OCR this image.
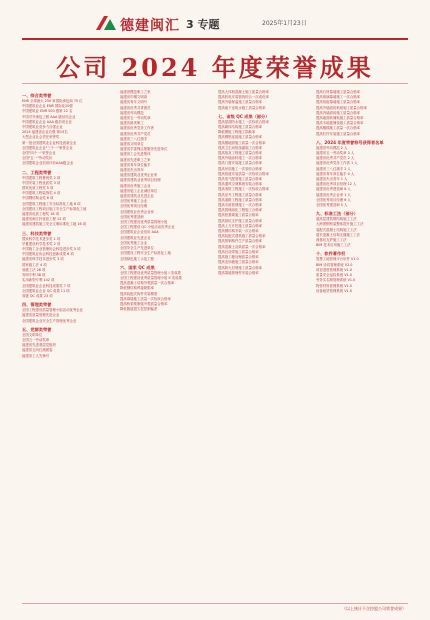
德建闽汇 3 专题	2025年1月23日
公司 2024 年度荣誉成果
一、综合类荣誉
ENR 全球最大 250 家国际承包商 70 位
中国建筑业企业 ENR 国际化20强
中国建筑业 ENR 500 强第 22 名
中国对外承包工程 AAA 级信用企业
中国建筑业企业 AAA 级信用企业
中国建筑业竞争力百强企业
2024 福建省企业百强 第15名
大型企业社会责任荣誉奖
第一批全国建筑业企业科技创新企业
全国建筑业企业"三个一"荣誉企业
全国"四个一"荣誉企业
全国"五一"劳动奖状
全国建筑企业信用评价AAA级企业
二、工程类荣誉
中国建筑工程鲁班奖 2 项
中国安装工程优质奖 3 项
国家优质工程奖 5 项
中国建筑工程装饰奖 4 项
中国钢结构金奖 6 项
全国建筑工程施工安全标准化工地 8 项
全国建设工程项目施工安全生产标准化工地
福建省优质工程奖 18 项
福建省闽江杯优质工程 12 项
福建省建筑施工安全文明标准化工地 16 项
三、科技类荣誉
国家科学技术进步奖 1 项
华夏建设科学技术奖 2 项
中国施工企业管理协会科技进步奖 5 项
中国建筑业协会科技创新成果 6 项
福建省科学技术进步奖 3 项
国家级工法 4 项
省级工法 26 项
发明专利 38 项
实用新型专利 142 项
全国建筑业企业科技成果奖 7 项
全国建筑业企业 QC 成果 11 项
省级 QC 成果 23 项
四、管理类荣誉
全国工程建设质量管理小组活动优秀企业
福建省质量管理先进企业
全国建筑企业安全生产管理优秀企业
五、党群类荣誉
全国文明单位
全国五一劳动奖章
福建省先进基层党组织
福建省五四红旗团委
福建省工人先锋号
福建省模范职工之家
福建省巾帼文明岗
福建省青年文明号
福建省优秀共青团员
福建省劳动模范
福建省五一劳动奖章
福建省最美职工
福建省优秀党务工作者
福建省优秀共产党员
福建省三八红旗手
福建省文明单位
福建省学雷锋志愿服务先进单位
福建省工会先进集体
福建省先进职工之家
福建省青年岗位能手
福建省杰出青年
福建省建筑业优秀企业家
福建省建筑业优秀项目经理
福建省优秀施工企业
福建省施工企业诚信单位
福建省建筑业先进企业
全国优秀施工企业
全国优秀项目经理
全国建筑业优秀企业家
全国优秀建造师
全国工程建设优秀质量管理小组
全国工程建设 QC 小组活动优秀企业
全国建筑业企业信用 AAA
全国建筑业先进企业
全国优秀施工企业
全国安全生产先进单位
全国建设工程安全生产标准化工地
全国绿色施工示范工程
六、国家 QC 成果
全国工程建设优秀质量管理小组 I 类成果
全国工程建设优秀质量管理小组 II 类成果
提高混凝土结构外观质量一次合格率
降低钢结构焊接缺陷率
提高装配式构件安装精度
提高幕墙施工质量一次验收合格率
提高桥梁预制梁外观质量合格率
降低隧道超欠挖控制偏差
提高大体积混凝土施工质量合格率
提高机电安装管线综合一次成优率
提高外墙保温施工质量合格率
提高地下室防水施工质量合格率
七、省级 QC 成果（部分）
提高屋面防水施工一次验收合格率
提高砌体结构施工质量合格率
降低模板工程施工损耗率
提高钢筋连接施工质量合格率
提高楼地面施工质量一次合格率
提高卫生间防渗漏施工合格率
提高抹灰工程施工质量合格率
提高外墙涂料施工一次合格率
提高门窗安装施工质量合格率
提高吊顶施工一次验收合格率
提高管道安装质量一次验收合格率
提高电气配管施工质量合格率
提高通风空调系统安装合格率
提高消防工程施工一次验收合格率
提高室外工程施工质量合格率
提高道路工程施工质量合格率
提高市政管网施工一次合格率
提高园林绿化工程施工合格率
提高桩基础施工质量合格率
提高基坑支护施工质量合格率
提高土方开挖施工质量合格率
提高钢结构安装一次合格率
提高装配式建筑施工质量合格率
提高预制构件生产质量合格率
提高混凝土浇筑质量一次合格率
提高后浇带施工质量合格率
提高施工缝处理质量合格率
提高变形缝施工质量合格率
提高防火封堵施工质量合格率
提高幕墙预埋件安装合格率
提高石材幕墙施工质量合格率
提高玻璃幕墙施工一次合格率
提高铝板幕墙施工质量合格率
提高外墙面砖粘贴施工质量合格率
提高内墙面砖施工质量合格率
提高地面砖铺贴施工质量合格率
提高木地板铺设施工质量合格率
提高楼梯施工质量一次合格率
提高栏杆安装施工质量合格率
八、2024 年度荣誉称号获得者名单
福建省劳动模范 2 人
福建省五一劳动奖章 3 人
福建省优秀共产党员 2 人
福建省优秀党务工作者 1 人
福建省三八红旗手 2 人
福建省青年岗位能手 4 人
福建省杰出青年 1 人
福建省优秀项目经理 12 人
福建省优秀建造师 8 人
福建省优秀企业家 1 人
全国优秀项目经理 6 人
全国优秀建造师 5 人
九、标准工法（部分）
超高层建筑钢结构施工工法
大跨度钢桁架整体提升施工工法
装配式混凝土结构施工工法
超长混凝土结构无缝施工工法
深基坑支护施工工法
BIM 技术应用施工工法
十、软件著作权
智慧工地管理平台软件 V1.0
BIM 协同管理系统 V2.0
项目进度管理系统 V1.0
质量安全巡检系统 V1.0
劳务实名制管理系统 V1.0
物资材料管理系统 V1.0
设备租赁管理系统 V1.0
（以上统计不含控股公司荣誉成果）
